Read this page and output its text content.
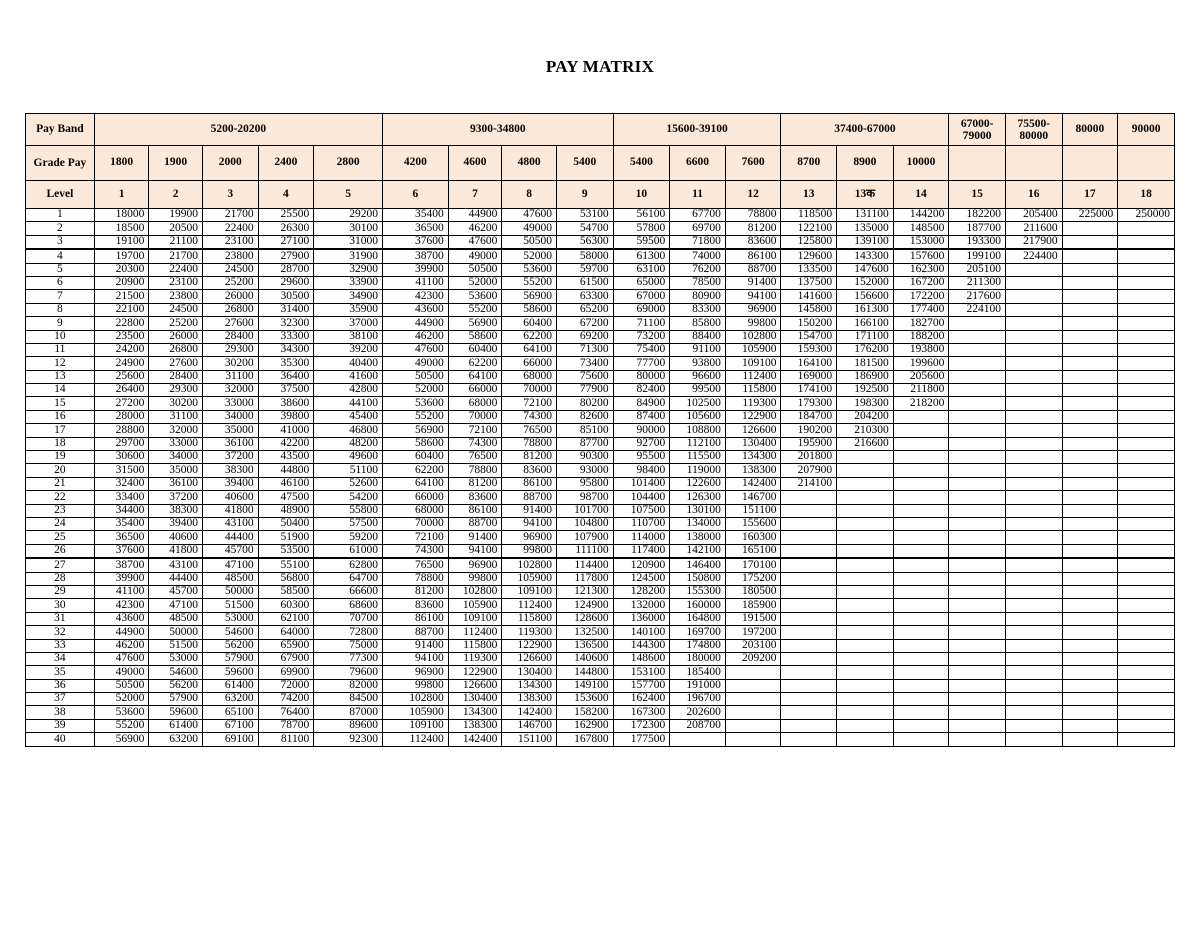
PAY MATRIX
Pay Band	5200-20200					9300-34800				15600-39100			37400-67000			67000-79000	75500-80000	80000	90000
Grade Pay	1800	1900	2000	2400	2800	4200	4600	4800	5400	5400	6600	7600	8700	8900	10000				
Level	1	2	3	4	5	6	7	8	9	10	11	12	13	13क	14	15	16	17	18
1	18000	19900	21700	25500	29200	35400	44900	47600	53100	56100	67700	78800	118500	131100	144200	182200	205400	225000	250000
2	18500	20500	22400	26300	30100	36500	46200	49000	54700	57800	69700	81200	122100	135000	148500	187700	211600		
3	19100	21100	23100	27100	31000	37600	47600	50500	56300	59500	71800	83600	125800	139100	153000	193300	217900		
4	19700	21700	23800	27900	31900	38700	49000	52000	58000	61300	74000	86100	129600	143300	157600	199100	224400		
5	20300	22400	24500	28700	32900	39900	50500	53600	59700	63100	76200	88700	133500	147600	162300	205100			
6	20900	23100	25200	29600	33900	41100	52000	55200	61500	65000	78500	91400	137500	152000	167200	211300			
7	21500	23800	26000	30500	34900	42300	53600	56900	63300	67000	80900	94100	141600	156600	172200	217600			
8	22100	24500	26800	31400	35900	43600	55200	58600	65200	69000	83300	96900	145800	161300	177400	224100			
9	22800	25200	27600	32300	37000	44900	56900	60400	67200	71100	85800	99800	150200	166100	182700				
10	23500	26000	28400	33300	38100	46200	58600	62200	69200	73200	88400	102800	154700	171100	188200				
11	24200	26800	29300	34300	39200	47600	60400	64100	71300	75400	91100	105900	159300	176200	193800				
12	24900	27600	30200	35300	40400	49000	62200	66000	73400	77700	93800	109100	164100	181500	199600				
13	25600	28400	31100	36400	41600	50500	64100	68000	75600	80000	96600	112400	169000	186900	205600				
14	26400	29300	32000	37500	42800	52000	66000	70000	77900	82400	99500	115800	174100	192500	211800				
15	27200	30200	33000	38600	44100	53600	68000	72100	80200	84900	102500	119300	179300	198300	218200				
16	28000	31100	34000	39800	45400	55200	70000	74300	82600	87400	105600	122900	184700	204200					
17	28800	32000	35000	41000	46800	56900	72100	76500	85100	90000	108800	126600	190200	210300					
18	29700	33000	36100	42200	48200	58600	74300	78800	87700	92700	112100	130400	195900	216600					
19	30600	34000	37200	43500	49600	60400	76500	81200	90300	95500	115500	134300	201800						
20	31500	35000	38300	44800	51100	62200	78800	83600	93000	98400	119000	138300	207900						
21	32400	36100	39400	46100	52600	64100	81200	86100	95800	101400	122600	142400	214100						
22	33400	37200	40600	47500	54200	66000	83600	88700	98700	104400	126300	146700							
23	34400	38300	41800	48900	55800	68000	86100	91400	101700	107500	130100	151100							
24	35400	39400	43100	50400	57500	70000	88700	94100	104800	110700	134000	155600							
25	36500	40600	44400	51900	59200	72100	91400	96900	107900	114000	138000	160300							
26	37600	41800	45700	53500	61000	74300	94100	99800	111100	117400	142100	165100							
27	38700	43100	47100	55100	62800	76500	96900	102800	114400	120900	146400	170100							
28	39900	44400	48500	56800	64700	78800	99800	105900	117800	124500	150800	175200							
29	41100	45700	50000	58500	66600	81200	102800	109100	121300	128200	155300	180500							
30	42300	47100	51500	60300	68600	83600	105900	112400	124900	132000	160000	185900							
31	43600	48500	53000	62100	70700	86100	109100	115800	128600	136000	164800	191500							
32	44900	50000	54600	64000	72800	88700	112400	119300	132500	140100	169700	197200							
33	46200	51500	56200	65900	75000	91400	115800	122900	136500	144300	174800	203100							
34	47600	53000	57900	67900	77300	94100	119300	126600	140600	148600	180000	209200							
35	49000	54600	59600	69900	79600	96900	122900	130400	144800	153100	185400								
36	50500	56200	61400	72000	82000	99800	126600	134300	149100	157700	191000								
37	52000	57900	63200	74200	84500	102800	130400	138300	153600	162400	196700								
38	53600	59600	65100	76400	87000	105900	134300	142400	158200	167300	202600								
39	55200	61400	67100	78700	89600	109100	138300	146700	162900	172300	208700								
40	56900	63200	69100	81100	92300	112400	142400	151100	167800	177500									
